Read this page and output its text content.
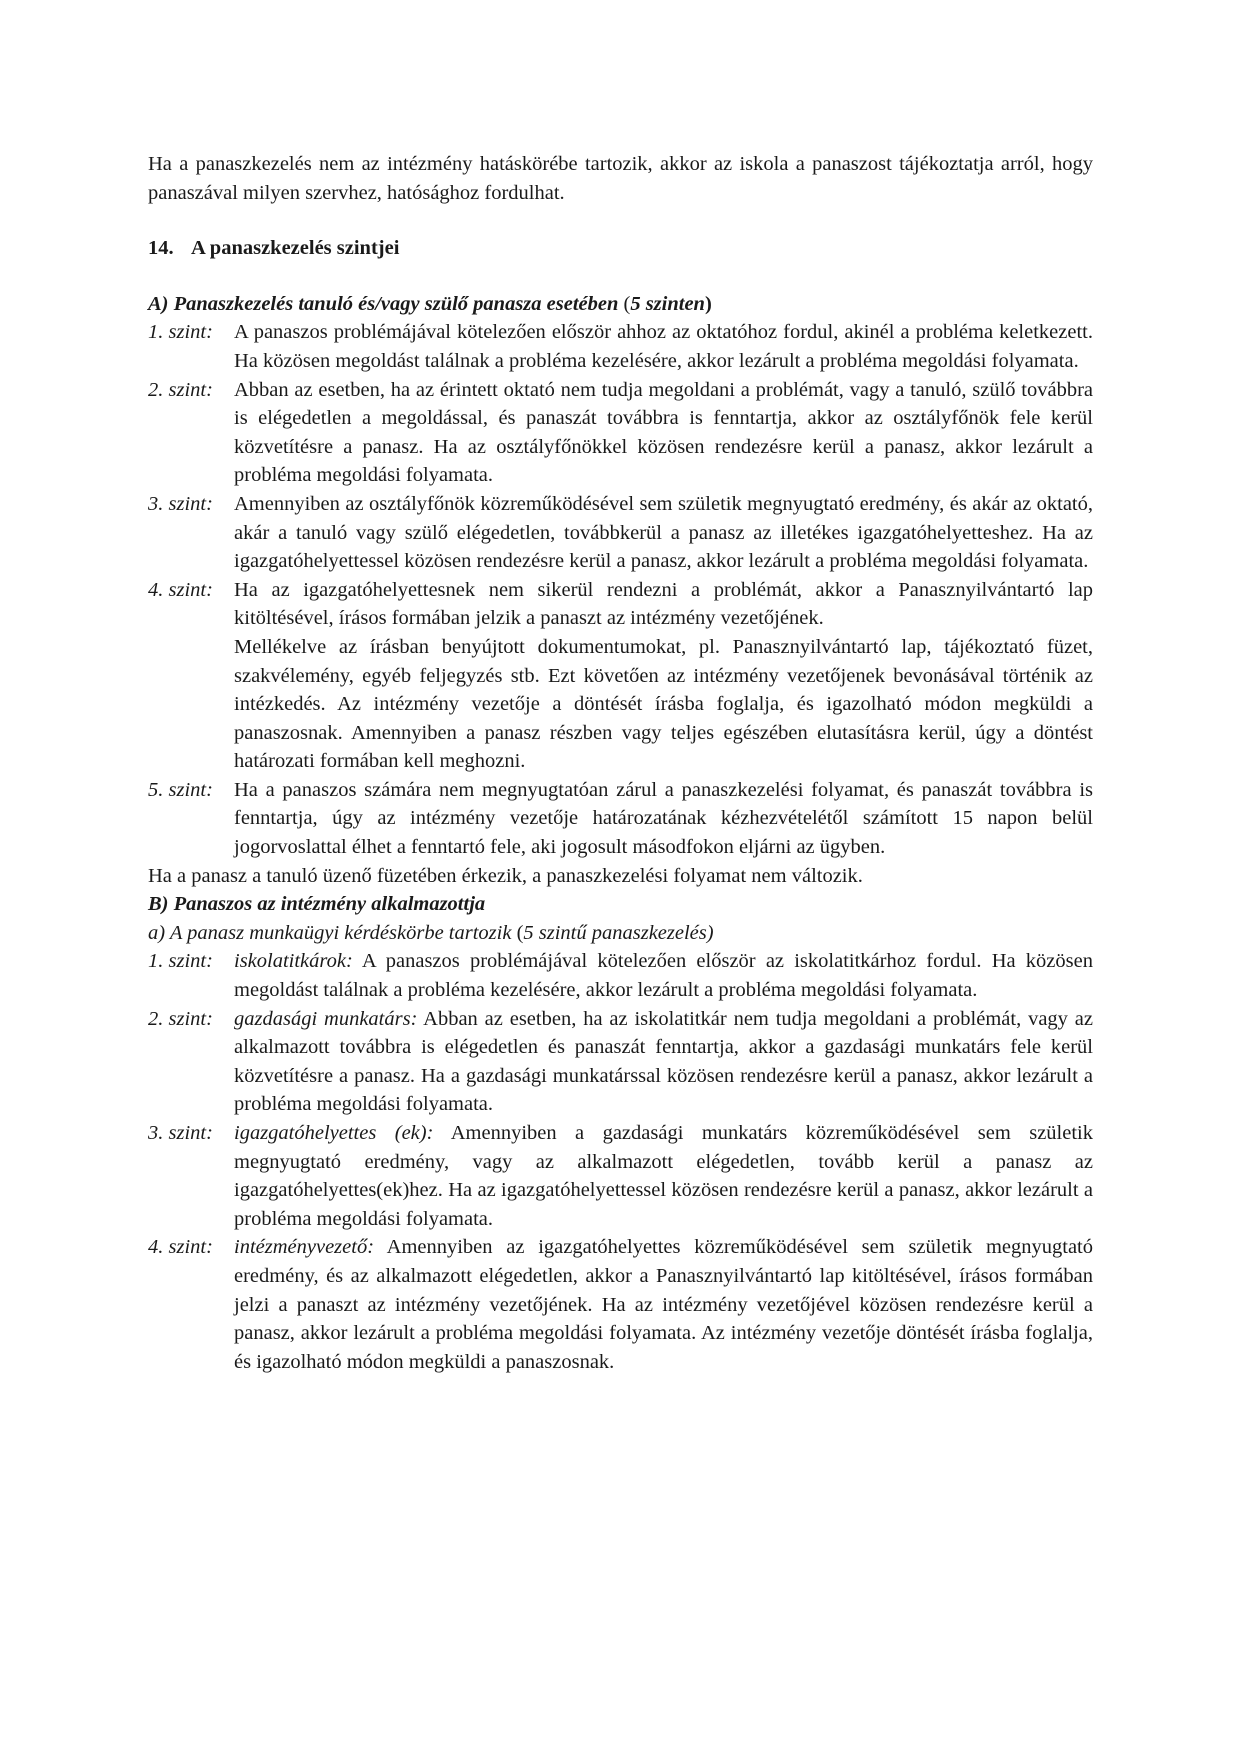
Ha a panaszkezelés nem az intézmény hatáskörébe tartozik, akkor az iskola a panaszost tájékoztatja arról, hogy panaszával milyen szervhez, hatósághoz fordulhat.

14. A panaszkezelés szintjei

A) Panaszkezelés tanuló és/vagy szülő panasza esetében (5 szinten)

1. szint:	A panaszos problémájával kötelezően először ahhoz az oktatóhoz fordul, akinél a probléma keletkezett. Ha közösen megoldást találnak a probléma kezelésére, akkor lezárult a probléma megoldási folyamata.
2. szint:	Abban az esetben, ha az érintett oktató nem tudja megoldani a problémát, vagy a tanuló, szülő továbbra is elégedetlen a megoldással, és panaszát továbbra is fenntartja, akkor az osztályfőnök fele kerül közvetítésre a panasz. Ha az osztályfőnökkel közösen rendezésre kerül a panasz, akkor lezárult a probléma megoldási folyamata.
3. szint:	Amennyiben az osztályfőnök közreműködésével sem születik megnyugtató eredmény, és akár az oktató, akár a tanuló vagy szülő elégedetlen, továbbkerül a panasz az illetékes igazgatóhelyetteshez. Ha az igazgatóhelyettessel közösen rendezésre kerül a panasz, akkor lezárult a probléma megoldási folyamata.
4. szint:	Ha az igazgatóhelyettesnek nem sikerül rendezni a problémát, akkor a Panasznyilvántartó lap kitöltésével, írásos formában jelzik a panaszt az intézmény vezetőjének.

Mellékelve az írásban benyújtott dokumentumokat, pl. Panasznyilvántartó lap, tájékoztató füzet, szakvélemény, egyéb feljegyzés stb. Ezt követően az intézmény vezetőjenek bevonásával történik az intézkedés. Az intézmény vezetője a döntését írásba foglalja, és igazolható módon megküldi a panaszosnak. Amennyiben a panasz részben vagy teljes egészében elutasításra kerül, úgy a döntést határozati formában kell meghozni.

5. szint:	Ha a panaszos számára nem megnyugtatóan zárul a panaszkezelési folyamat, és panaszát továbbra is fenntartja, úgy az intézmény vezetője határozatának kézhezvételétől számított 15 napon belül jogorvoslattal élhet a fenntartó fele, aki jogosult másodfokon eljárni az ügyben.

Ha a panasz a tanuló üzenő füzetében érkezik, a panaszkezelési folyamat nem változik.

B) Panaszos az intézmény alkalmazottja

a) A panasz munkaügyi kérdéskörbe tartozik (5 szintű panaszkezelés)

1. szint:	iskolatitkárok: A panaszos problémájával kötelezően először az iskolatitkárhoz fordul. Ha közösen megoldást találnak a probléma kezelésére, akkor lezárult a probléma megoldási folyamata.
2. szint:	gazdasági munkatárs: Abban az esetben, ha az iskolatitkár nem tudja megoldani a problémát, vagy az alkalmazott továbbra is elégedetlen és panaszát fenntartja, akkor a gazdasági munkatárs fele kerül közvetítésre a panasz. Ha a gazdasági munkatárssal közösen rendezésre kerül a panasz, akkor lezárult a probléma megoldási folyamata.
3. szint:	igazgatóhelyettes (ek): Amennyiben a gazdasági munkatárs közreműködésével sem születik megnyugtató eredmény, vagy az alkalmazott elégedetlen, tovább kerül a panasz az igazgatóhelyettes(ek)hez. Ha az igazgatóhelyettessel közösen rendezésre kerül a panasz, akkor lezárult a probléma megoldási folyamata.
4. szint:	intézményvezető: Amennyiben az igazgatóhelyettes közreműködésével sem születik megnyugtató eredmény, és az alkalmazott elégedetlen, akkor a Panasznyilvántartó lap kitöltésével, írásos formában jelzi a panaszt az intézmény vezetőjének. Ha az intézmény vezetőjével közösen rendezésre kerül a panasz, akkor lezárult a probléma megoldási folyamata. Az intézmény vezetője döntését írásba foglalja, és igazolható módon megküldi a panaszosnak.
